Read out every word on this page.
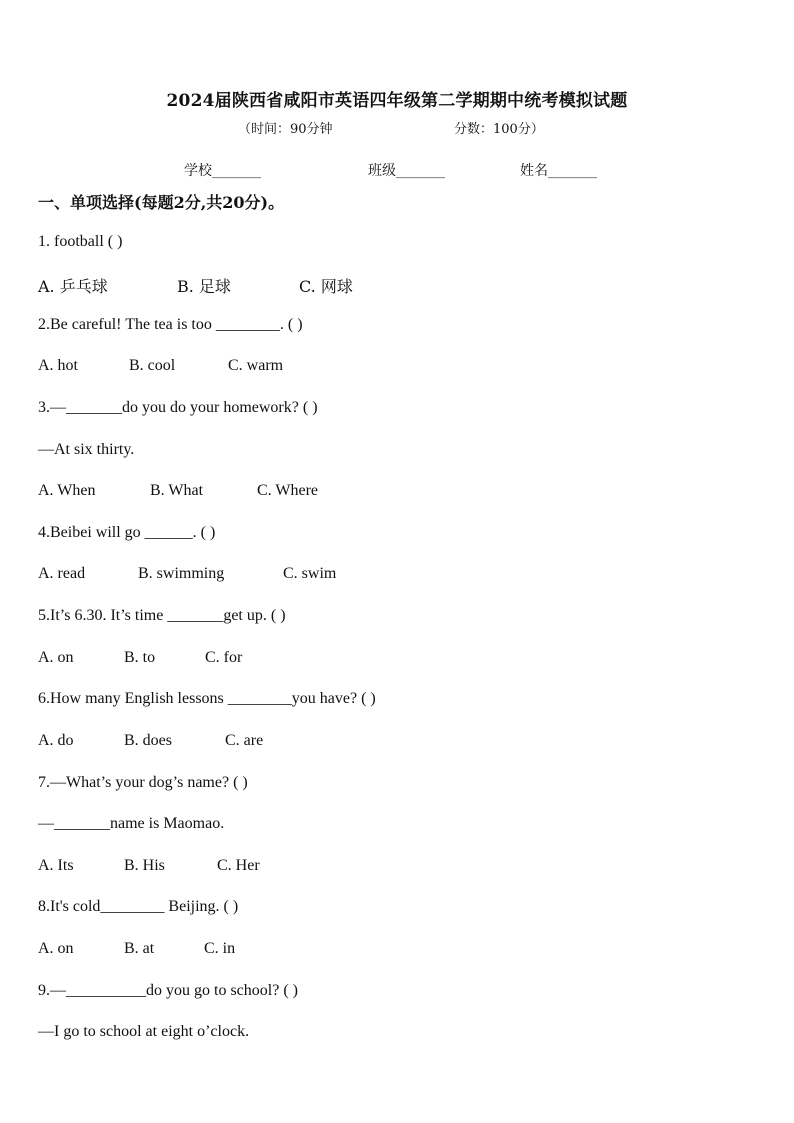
2024届陕西省咸阳市英语四年级第二学期期中统考模拟试题
（时间：90分钟	分数：100分）
学校_______	班级_______	姓名_______
一、单项选择(每题2分,共20分)。
1. football ( )
A. 乒乓球	B. 足球	C. 网球
2.Be careful! The tea is too ________. ( )
A. hot	B. cool	C. warm
3.—_______do you do your homework? ( )
—At six thirty.
A. When	B. What	C. Where
4.Beibei will go ______. ( )
A. read	B. swimming	C. swim
5.It’s 6.30. It’s time _______get up. ( )
A. on	B. to	C. for
6.How many English lessons ________you have? ( )
A. do	B. does	C. are
7.—What’s your dog’s name? ( )
—_______name is Maomao.
A. Its	B. His	C. Her
8.It's cold________ Beijing. ( )
A. on	B. at	C. in
9.—__________do you go to school? ( )
—I go to school at eight o’clock.
